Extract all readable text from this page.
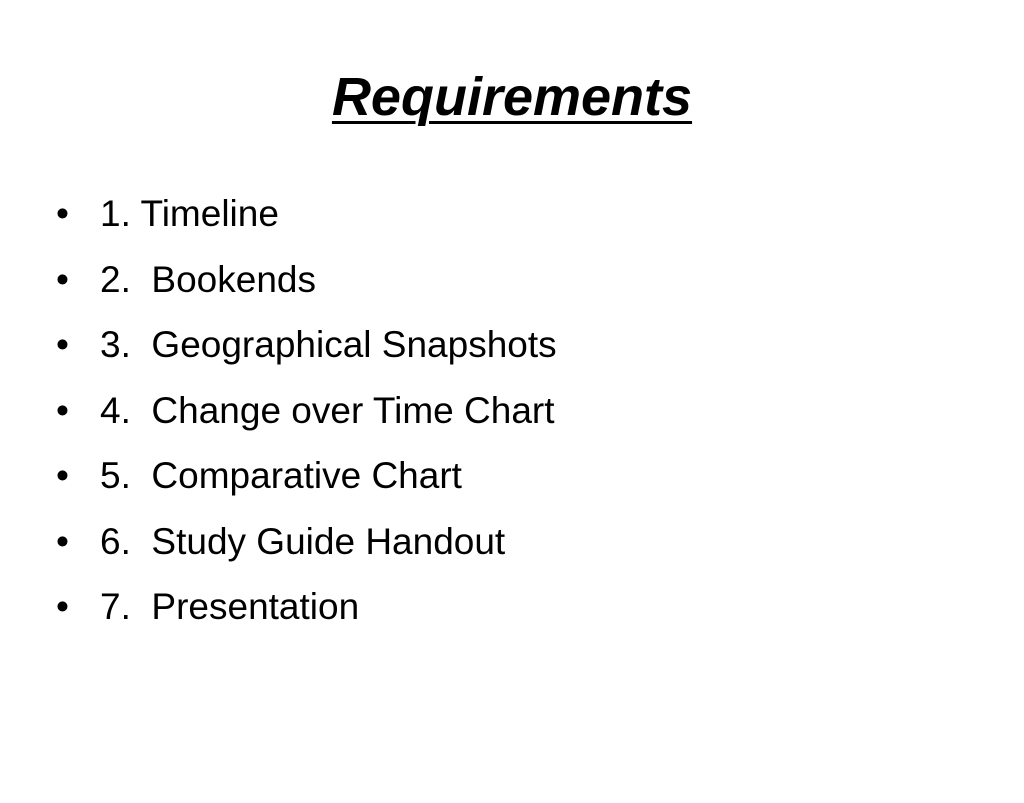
Requirements

•

1. Timeline

•

2.  Bookends

•

3.  Geographical Snapshots

•

4.  Change over Time Chart

•

5.  Comparative Chart

•

6.  Study Guide Handout

•

7.  Presentation
